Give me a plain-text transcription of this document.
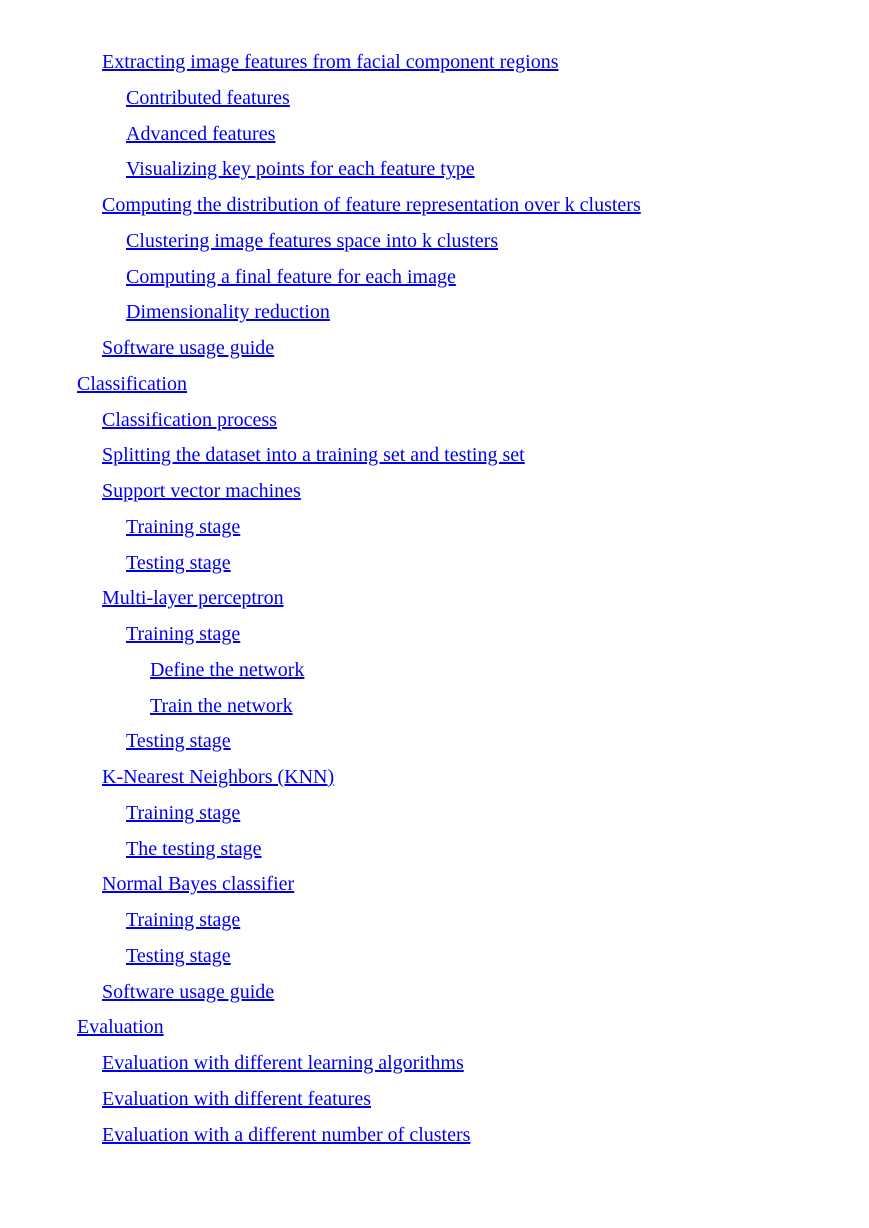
Extracting image features from facial component regions
Contributed features
Advanced features
Visualizing key points for each feature type
Computing the distribution of feature representation over k clusters
Clustering image features space into k clusters
Computing a final feature for each image
Dimensionality reduction
Software usage guide
Classification
Classification process
Splitting the dataset into a training set and testing set
Support vector machines
Training stage
Testing stage
Multi-layer perceptron
Training stage
Define the network
Train the network
Testing stage
K-Nearest Neighbors (KNN)
Training stage
The testing stage
Normal Bayes classifier
Training stage
Testing stage
Software usage guide
Evaluation
Evaluation with different learning algorithms
Evaluation with different features
Evaluation with a different number of clusters
